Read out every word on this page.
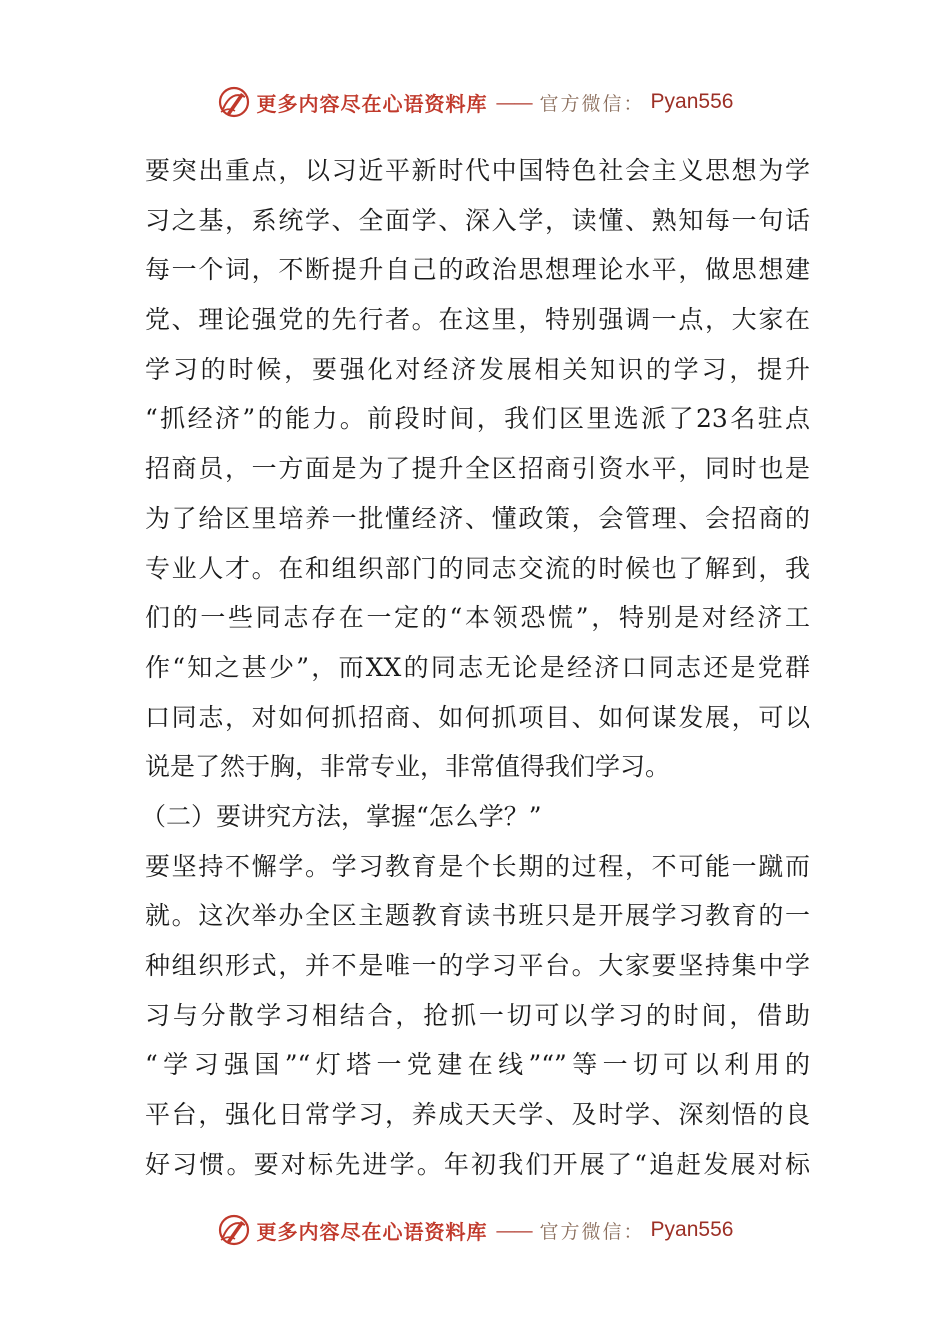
更多内容尽在心语资料库 —— 官方微信： Pyan556
要突出重点，以习近平新时代中国特色社会主义思想为学
习之基，系统学、全面学、深入学，读懂、熟知每一句话
每一个词，不断提升自己的政治思想理论水平，做思想建
党、理论强党的先行者。在这里，特别强调一点，大家在
学习的时候，要强化对经济发展相关知识的学习，提升
“抓经济”的能力。前段时间，我们区里选派了23名驻点
招商员，一方面是为了提升全区招商引资水平，同时也是
为了给区里培养一批懂经济、懂政策，会管理、会招商的
专业人才。在和组织部门的同志交流的时候也了解到，我
们的一些同志存在一定的“本领恐慌”，特别是对经济工
作“知之甚少”，而XX的同志无论是经济口同志还是党群
口同志，对如何抓招商、如何抓项目、如何谋发展，可以
说是了然于胸，非常专业，非常值得我们学习。
（二）要讲究方法，掌握“怎么学？”
要坚持不懈学。学习教育是个长期的过程，不可能一蹴而
就。这次举办全区主题教育读书班只是开展学习教育的一
种组织形式，并不是唯一的学习平台。大家要坚持集中学
习与分散学习相结合，抢抓一切可以学习的时间，借助
“学习强国”“灯塔一党建在线”“”等一切可以利用的
平台，强化日常学习，养成天天学、及时学、深刻悟的良
好习惯。要对标先进学。年初我们开展了“追赶发展对标
更多内容尽在心语资料库 —— 官方微信： Pyan556
